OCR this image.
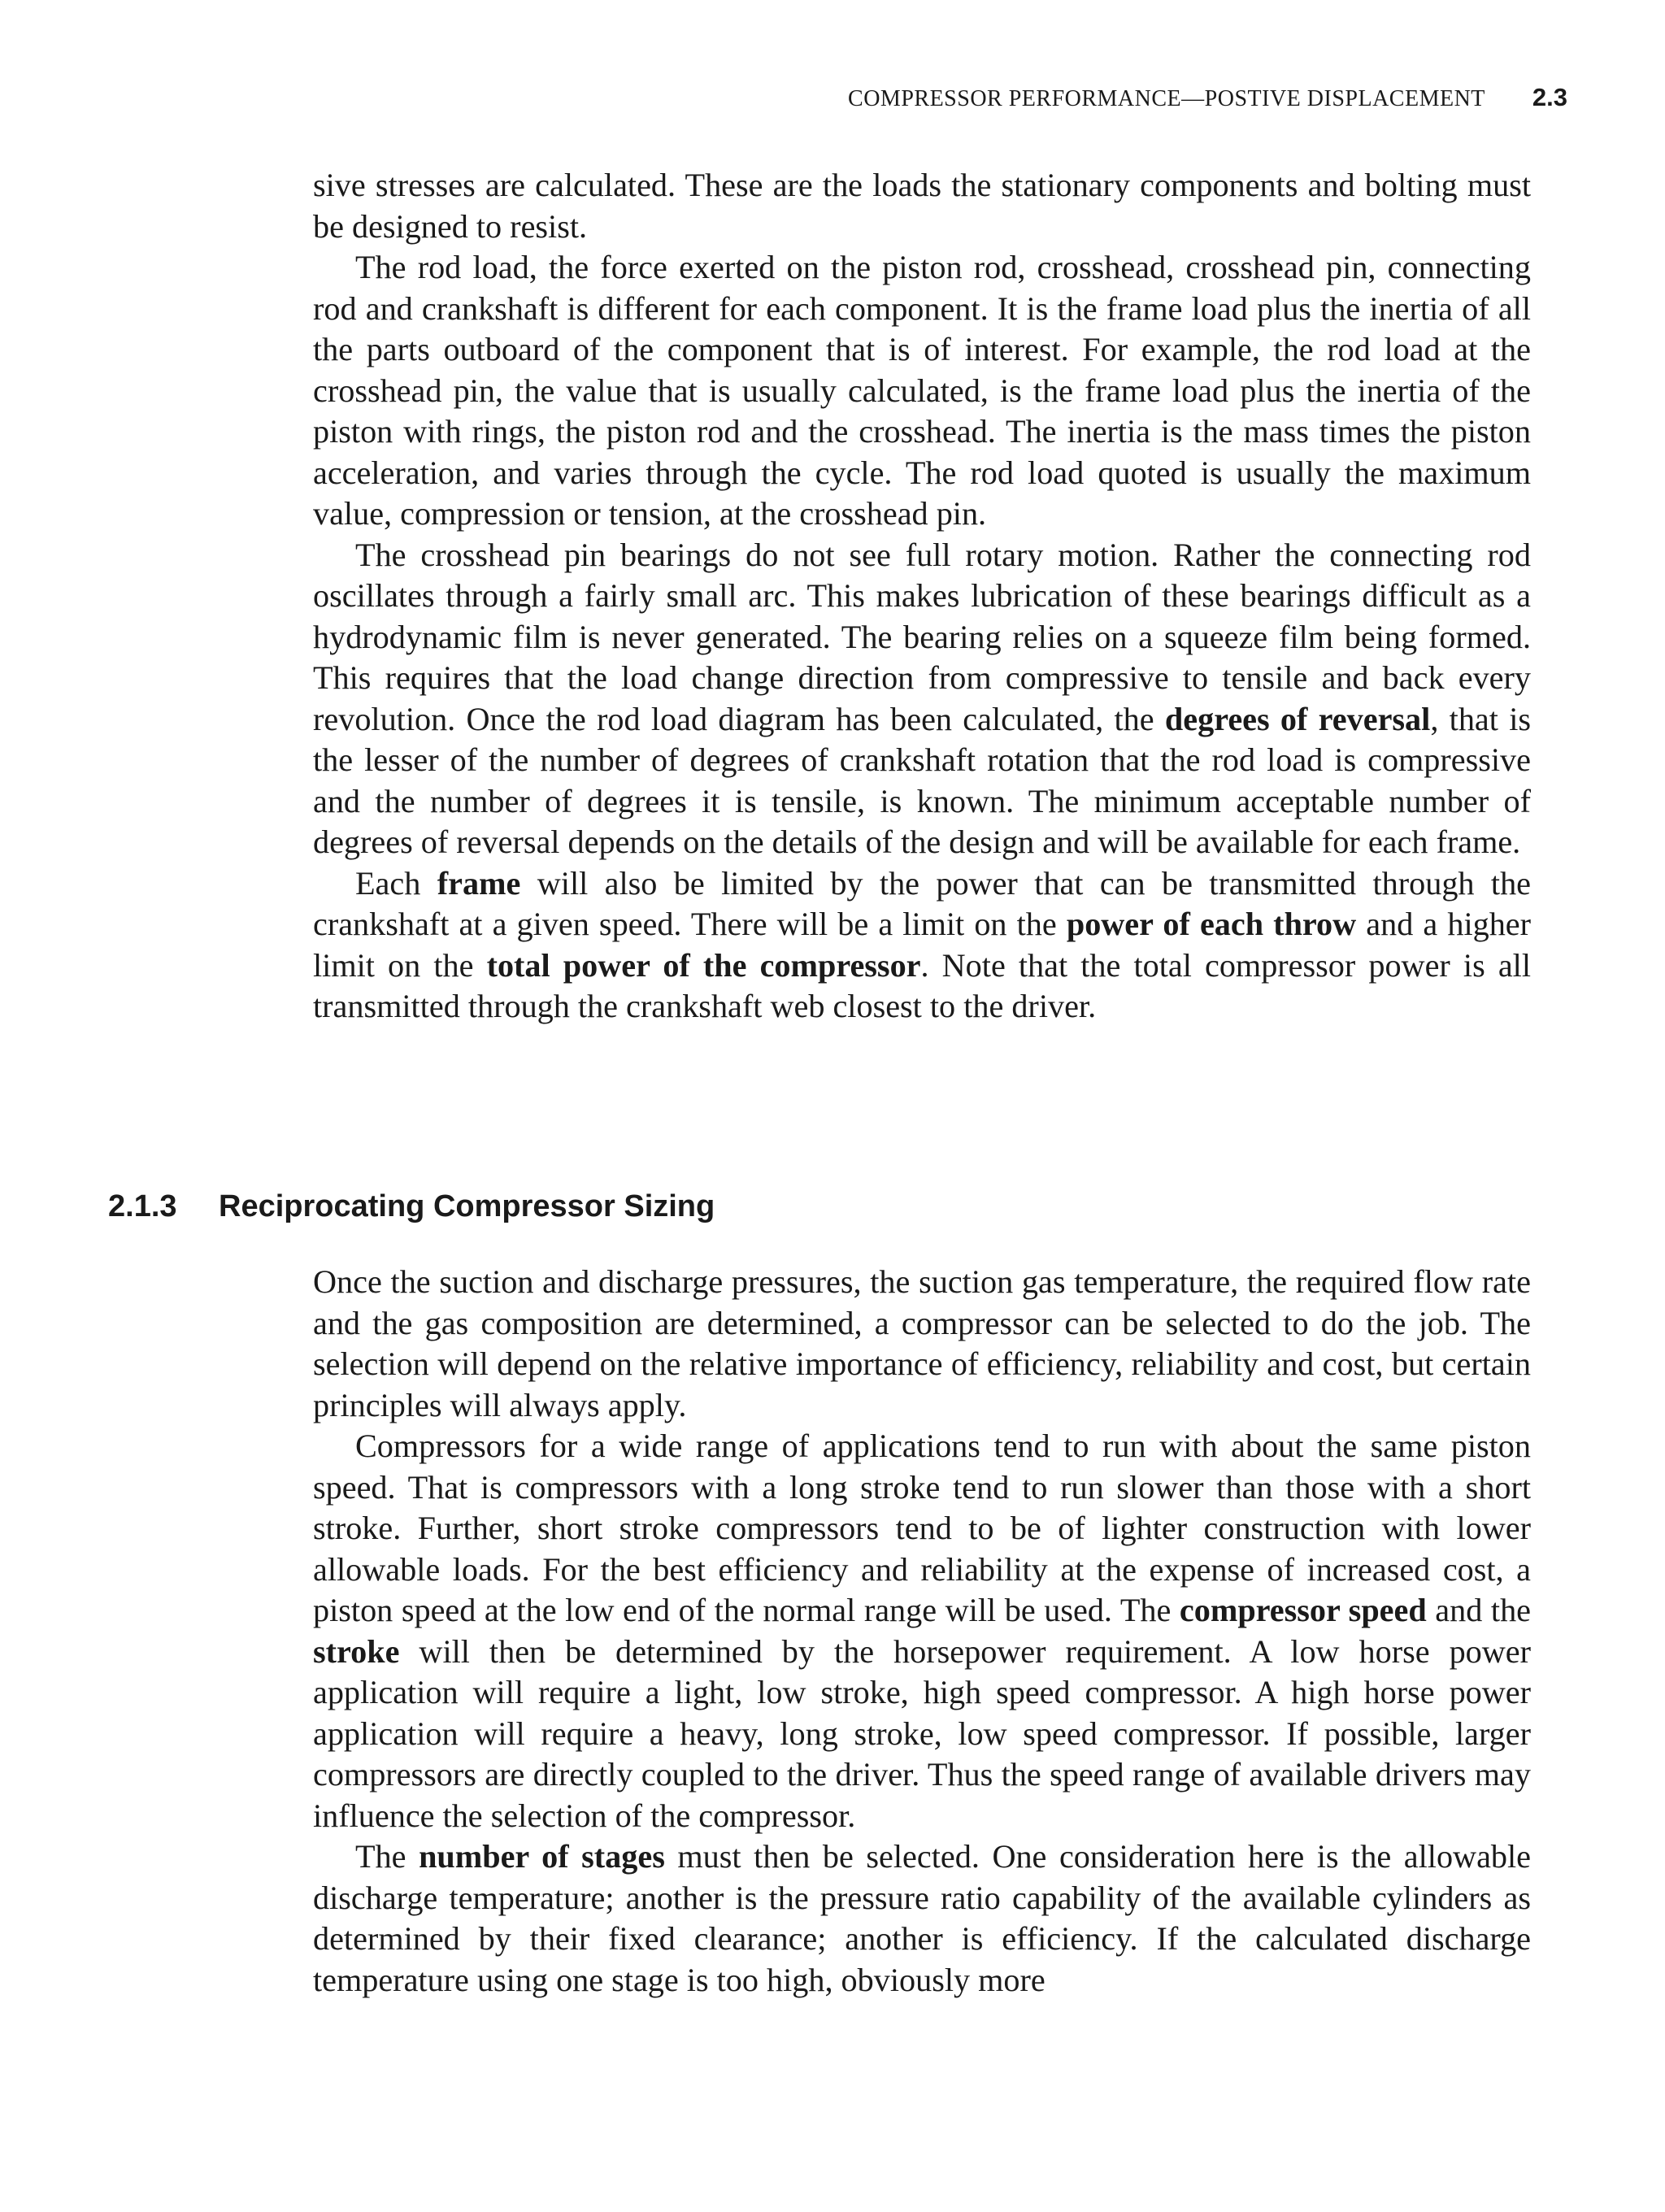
COMPRESSOR PERFORMANCE—POSTIVE DISPLACEMENT 2.3

sive stresses are calculated. These are the loads the stationary components and bolting must be designed to resist.

The rod load, the force exerted on the piston rod, crosshead, crosshead pin, connecting rod and crankshaft is different for each component. It is the frame load plus the inertia of all the parts outboard of the component that is of interest. For example, the rod load at the crosshead pin, the value that is usually calculated, is the frame load plus the inertia of the piston with rings, the piston rod and the crosshead. The inertia is the mass times the piston acceleration, and varies through the cycle. The rod load quoted is usually the maximum value, compression or tension, at the crosshead pin.

The crosshead pin bearings do not see full rotary motion. Rather the connecting rod oscillates through a fairly small arc. This makes lubrication of these bearings difficult as a hydrodynamic film is never generated. The bearing relies on a squeeze film being formed. This requires that the load change direction from compressive to tensile and back every revolution. Once the rod load diagram has been calculated, the degrees of reversal, that is the lesser of the number of degrees of crankshaft rotation that the rod load is compressive and the number of degrees it is tensile, is known. The minimum acceptable number of degrees of reversal depends on the details of the design and will be available for each frame.

Each frame will also be limited by the power that can be transmitted through the crankshaft at a given speed. There will be a limit on the power of each throw and a higher limit on the total power of the compressor. Note that the total compressor power is all transmitted through the crankshaft web closest to the driver.

2.1.3 Reciprocating Compressor Sizing

Once the suction and discharge pressures, the suction gas temperature, the required flow rate and the gas composition are determined, a compressor can be selected to do the job. The selection will depend on the relative importance of efficiency, reliability and cost, but certain principles will always apply.

Compressors for a wide range of applications tend to run with about the same piston speed. That is compressors with a long stroke tend to run slower than those with a short stroke. Further, short stroke compressors tend to be of lighter construction with lower allowable loads. For the best efficiency and reliability at the expense of increased cost, a piston speed at the low end of the normal range will be used. The compressor speed and the stroke will then be determined by the horsepower requirement. A low horse power application will require a light, low stroke, high speed compressor. A high horse power application will require a heavy, long stroke, low speed compressor. If possible, larger compressors are directly coupled to the driver. Thus the speed range of available drivers may influence the selection of the compressor.

The number of stages must then be selected. One consideration here is the allowable discharge temperature; another is the pressure ratio capability of the available cylinders as determined by their fixed clearance; another is efficiency. If the calculated discharge temperature using one stage is too high, obviously more
